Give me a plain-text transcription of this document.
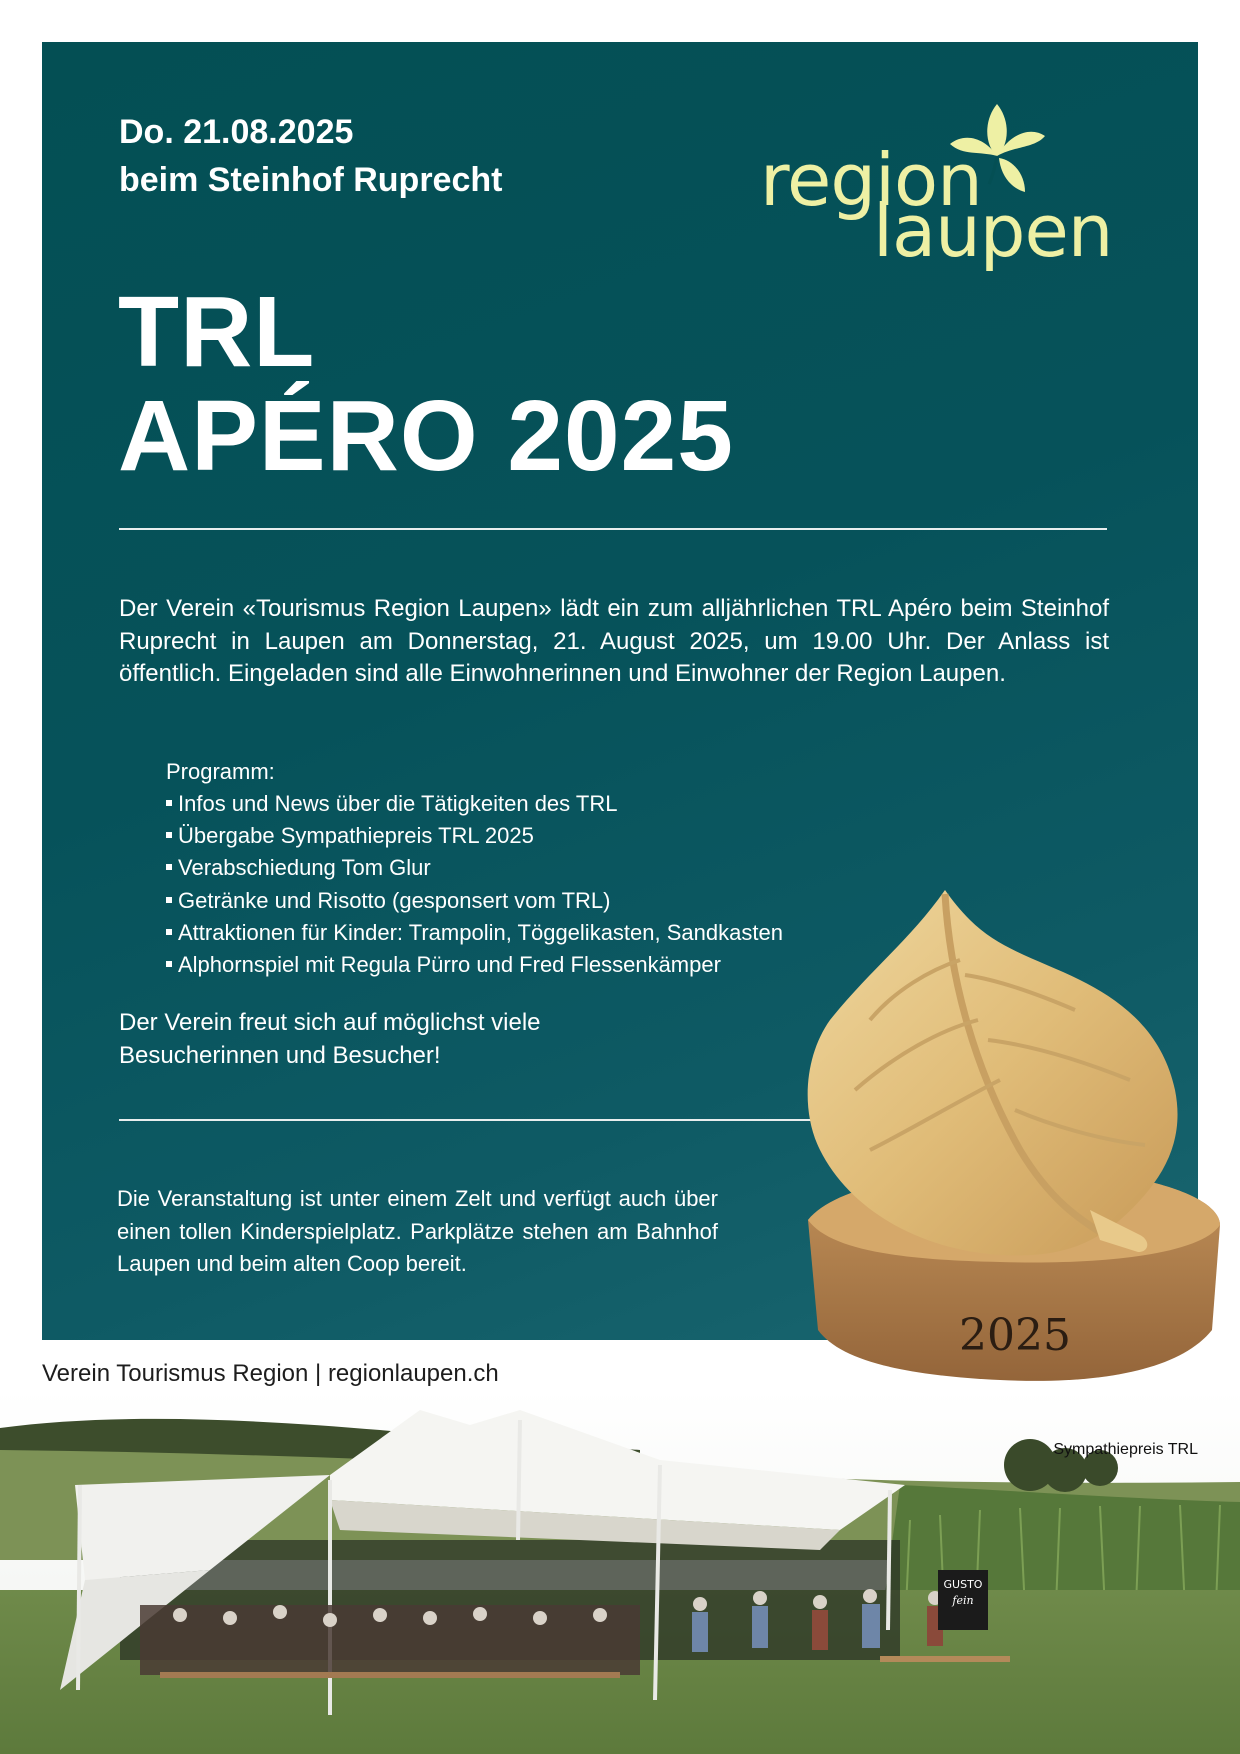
Do. 21.08.2025
beim Steinhof Ruprecht	region
laupen
TRL
APÉRO 2025
Der Verein «Tourismus Region Laupen» lädt ein zum alljährlichen TRL Apéro beim Steinhof Ruprecht in Laupen am Donnerstag, 21. August 2025, um 19.00 Uhr. Der Anlass ist öffentlich. Eingeladen sind alle Einwohnerinnen und Einwohner der Region Laupen.
Programm:
Infos und News über die Tätigkeiten des TRL
Übergabe Sympathiepreis TRL 2025
Verabschiedung Tom Glur
Getränke und Risotto (gesponsert vom TRL)
Attraktionen für Kinder: Trampolin, Töggelikasten, Sandkasten
Alphornspiel mit Regula Pürro und Fred Flessenkämper
Der Verein freut sich auf möglichst viele
Besucherinnen und Besucher!
Die Veranstaltung ist unter einem Zelt und verfügt auch über einen tollen Kinderspielplatz. Parkplätze stehen am Bahnhof Laupen und beim alten Coop bereit.
Verein Tourismus Region | regionlaupen.ch
GUSTO
fein
2025
Sympathiepreis TRL
